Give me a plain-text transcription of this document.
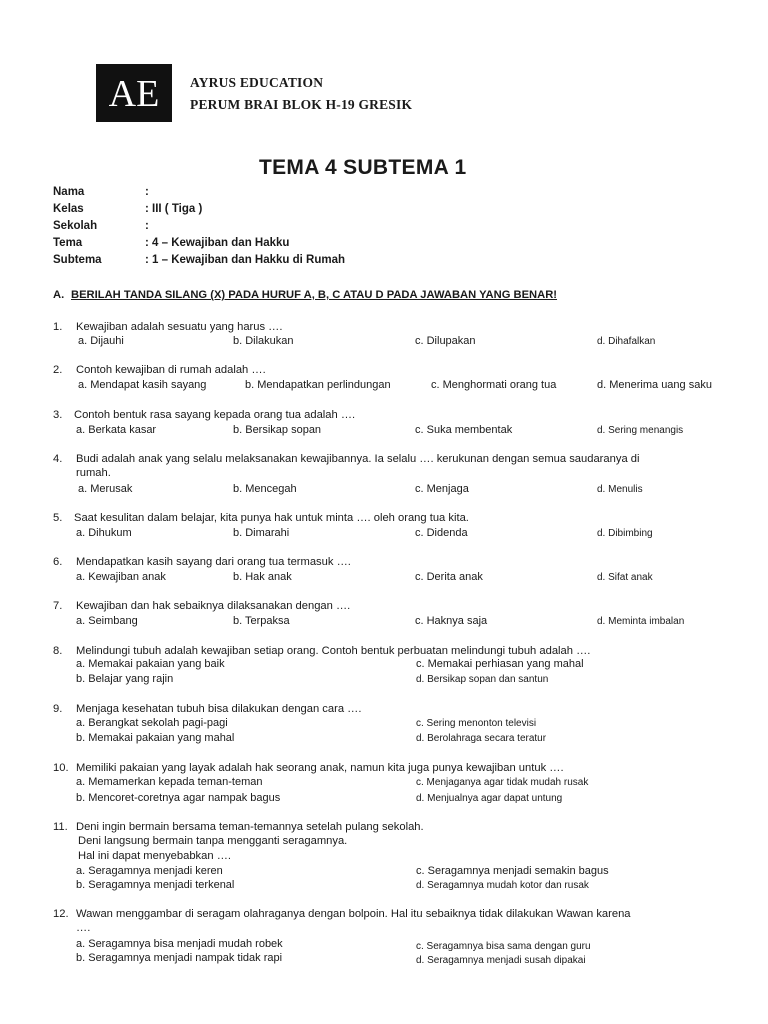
AE AYRUS EDUCATION
PERUM BRAI BLOK H-19 GRESIK
TEMA 4 SUBTEMA 1
Nama	:
Kelas	: III ( Tiga )
Sekolah	:
Tema	: 4 – Kewajiban dan Hakku
Subtema	: 1 – Kewajiban dan Hakku di Rumah
A. BERILAH TANDA SILANG (X) PADA HURUF A, B, C ATAU D PADA JAWABAN YANG BENAR!
1. Kewajiban adalah sesuatu yang harus ….
a. Dijauhi	b. Dilakukan	c. Dilupakan	d. Dihafalkan
2. Contoh kewajiban di rumah adalah ….
a. Mendapat kasih sayang	b. Mendapatkan perlindungan	c. Menghormati orang tua	d. Menerima uang saku
3. Contoh bentuk rasa sayang kepada orang tua adalah ….
a. Berkata kasar	b. Bersikap sopan	c. Suka membentak	d. Sering menangis
4. Budi adalah anak yang selalu melaksanakan kewajibannya. Ia selalu …. kerukunan dengan semua saudaranya di
rumah.
a. Merusak	b. Mencegah	c. Menjaga	d. Menulis
5. Saat kesulitan dalam belajar, kita punya hak untuk minta …. oleh orang tua kita.
a. Dihukum	b. Dimarahi	c. Didenda	d. Dibimbing
6. Mendapatkan kasih sayang dari orang tua termasuk ….
a. Kewajiban anak	b. Hak anak	c. Derita anak	d. Sifat anak
7. Kewajiban dan hak sebaiknya dilaksanakan dengan ….
a. Seimbang	b. Terpaksa	c. Haknya saja	d. Meminta imbalan
8. Melindungi tubuh adalah kewajiban setiap orang. Contoh bentuk perbuatan melindungi tubuh adalah ….
a. Memakai pakaian yang baik	c. Memakai perhiasan yang mahal
b. Belajar yang rajin	d. Bersikap sopan dan santun
9. Menjaga kesehatan tubuh bisa dilakukan dengan cara ….
a. Berangkat sekolah pagi-pagi	c. Sering menonton televisi
b. Memakai pakaian yang mahal	d. Berolahraga secara teratur
10. Memiliki pakaian yang layak adalah hak seorang anak, namun kita juga punya kewajiban untuk ….
a. Memamerkan kepada teman-teman	c. Menjaganya agar tidak mudah rusak
b. Mencoret-coretnya agar nampak bagus	d. Menjualnya agar dapat untung
11. Deni ingin bermain bersama teman-temannya setelah pulang sekolah.
Deni langsung bermain tanpa mengganti seragamnya.
Hal ini dapat menyebabkan ….
a. Seragamnya menjadi keren	c. Seragamnya menjadi semakin bagus
b. Seragamnya menjadi terkenal	d. Seragamnya mudah kotor dan rusak
12. Wawan menggambar di seragam olahraganya dengan bolpoin. Hal itu sebaiknya tidak dilakukan Wawan karena
….
a. Seragamnya bisa menjadi mudah robek	c. Seragamnya bisa sama dengan guru
b. Seragamnya menjadi nampak tidak rapi	d. Seragamnya menjadi susah dipakai
